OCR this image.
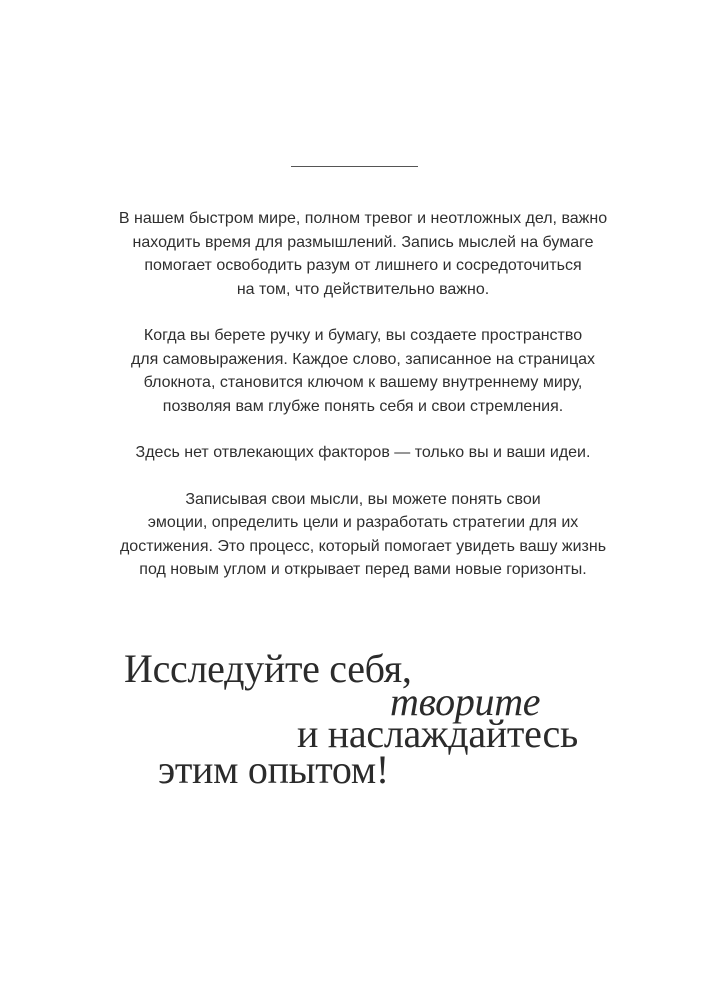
В нашем быстром мире, полном тревог и неотложных дел, важно
находить время для размышлений. Запись мыслей на бумаге
помогает освободить разум от лишнего и сосредоточиться
на том, что действительно важно.

Когда вы берете ручку и бумагу, вы создаете пространство
для самовыражения. Каждое слово, записанное на страницах
блокнота, становится ключом к вашему внутреннему миру,
позволяя вам глубже понять себя и свои стремления.

Здесь нет отвлекающих факторов — только вы и ваши идеи.

Записывая свои мысли, вы можете понять свои
эмоции, определить цели и разработать стратегии для их
достижения. Это процесс, который помогает увидеть вашу жизнь
под новым углом и открывает перед вами новые горизонты.

Исследуйте себя,
творите
и наслаждайтесь
этим опытом!
